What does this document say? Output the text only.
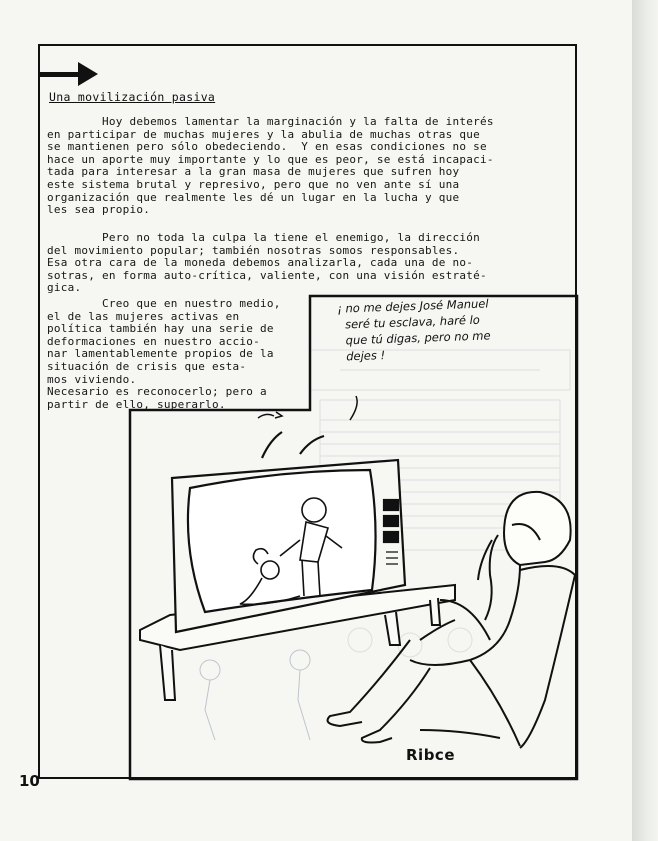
Una movilización pasiva

Hoy debemos lamentar la marginación y la falta de interés
en participar de muchas mujeres y la abulia de muchas otras que
se mantienen pero sólo obedeciendo.  Y en esas condiciones no se
hace un aporte muy importante y lo que es peor, se está incapaci-
tada para interesar a la gran masa de mujeres que sufren hoy
este sistema brutal y represivo, pero que no ven ante sí una
organización que realmente les dé un lugar en la lucha y que
les sea propio.

Pero no toda la culpa la tiene el enemigo, la dirección
del movimiento popular; también nosotras somos responsables.
Esa otra cara de la moneda debemos analizarla, cada una de no-
sotras, en forma auto-crítica, valiente, con una visión estraté-
gica.

Creo que en nuestro medio,
el de las mujeres activas en
política también hay una serie de
deformaciones en nuestro accio-
nar lamentablemente propios de la
situación de crisis que esta-
mos viviendo.
Necesario es reconocerlo; pero a
partir de ello, superarlo.

¡ no me dejes José Manuel
seré tu esclava, haré lo
que tú digas, pero no me
dejes !

Ribce

10
